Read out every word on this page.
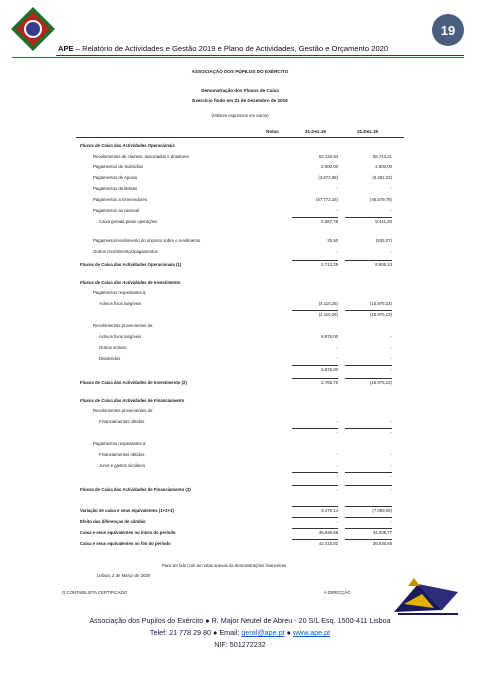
19
APE – Relatório de Actividades e Gestão 2019 e Plano de Actividades, Gestão e Orçamento 2020
ASSOCIAÇÃO DOS PÚPILOS DO EXÉRCITO
Demonstração dos Fluxos de Caixa
Exercício findo em 31 de Dezembro de 2019
(Valores expressos em euros)
Notas	31.Dez.19	31.Dez.18
Fluxos de Caixa das Actividades Operacionais
Recebimentos de clientes, associados e doadores	62.132,94	58.713,21
Pagamentos de Subsídios	2.000,00	2.800,00
Pagamentos de Apoios	(3.672,99)	(6.492,23)
Pagamentos de Bolsas	-	-
Pagamentos a fornecedores	(57.772,16)	(45.579,78)
Pagamentos ao pessoal	-	-
Caixa gerada pelas operações	2.687,79	9.441,20
Pagamento/recebimento do imposto sobre o rendimento	25,60	(535,07)
Outros recebimentos/pagamentos	-	-
Fluxos de Caixa das Actividades Operacionais (1)	2.713,39	8.906,13
Fluxos de Caixa das Actividades de Investimento
Pagamentos respeitantes a:
Activos fixos tangíveis	(4.110,25)	(15.975,23)
(4.110,25)	(15.975,23)
Recebimentos provenientes de:
Activos fixos tangíveis	6.876,00	-
Outros activos	-	-
Dividendos	-	-
6.876,00	-
Fluxos de Caixa das Actividades de Investimento (2)	2.765,75	(15.975,23)
Fluxos de Caixa das Actividades de Financiamento
Recebimentos provenientes de:
Financiamentos obtidos	-	-
-	-
Pagamentos respeitantes a:
Financiamentos obtidos	-	-
Juros e gastos similares	-	-
-	-
Fluxos de Caixa das Actividades de Financiamento (3)	-	-
Variação de caixa e seus equivalentes (1+2+3)	5.479,14	(7.069,09)
Efeito das diferenças de câmbio	-	-
Caixa e seus equivalentes no início do período	36.936,68	44.005,77
Caixa e seus equivalentes no fim do período	42.415,82	36.936,68
Para ser lido com as notas anexas às demonstrações financeiras
Lisboa, 2 de Março de 2020
O CONTABILISTA CERTIFICADO	A DIRECÇÃO
Associação dos Pupilos do Exército ● R. Major Neutel de Abreu - 20 S/L Esq. 1500-411 Lisboa
Telef: 21 778 29 80 ● Email: geral@ape.pt ● www.ape.pt
NIF: 501272232
